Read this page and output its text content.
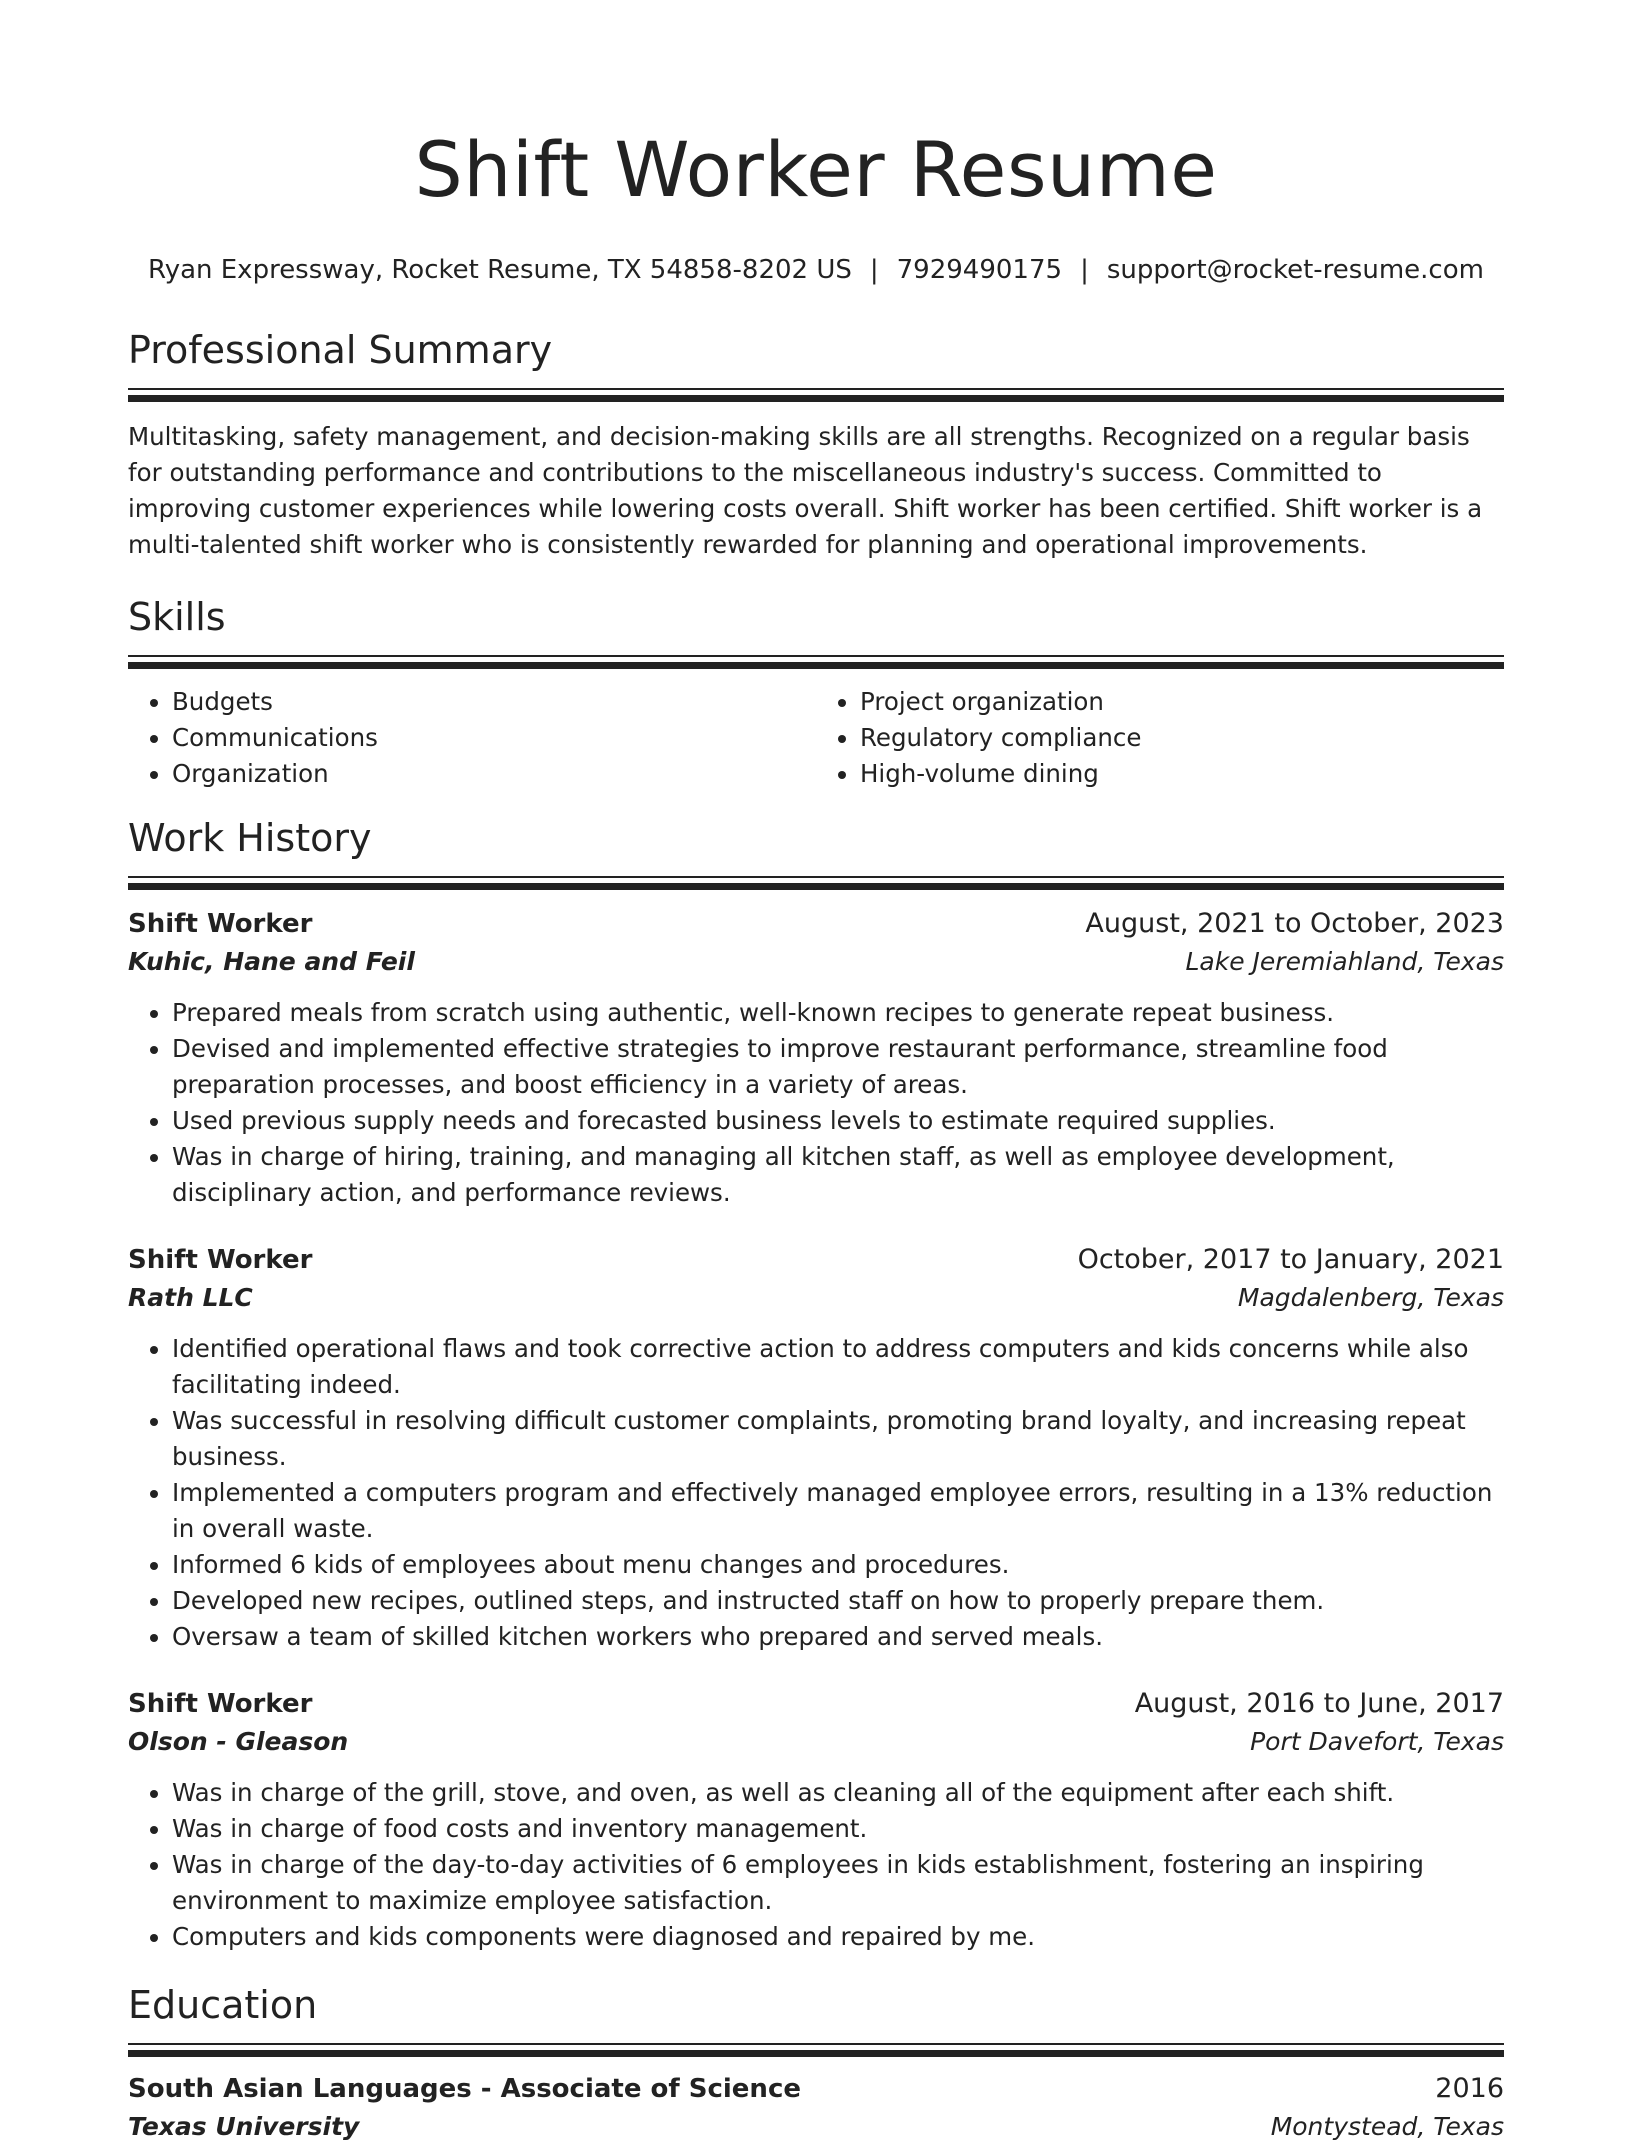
Shift Worker Resume
Ryan Expressway, Rocket Resume, TX 54858-8202 US | 7929490175 | support@rocket-resume.com
Professional Summary

Multitasking, safety management, and decision-making skills are all strengths. Recognized on a regular basis for outstanding performance and contributions to the miscellaneous industry's success. Committed to improving customer experiences while lowering costs overall. Shift worker has been certified. Shift worker is a multi-talented shift worker who is consistently rewarded for planning and operational improvements.

Skills
• Budgets
• Communications
• Organization
• Project organization
• Regulatory compliance
• High-volume dining
Work History
Shift Worker	August, 2021 to October, 2023
Kuhic, Hane and Feil	Lake Jeremiahland, Texas
• Prepared meals from scratch using authentic, well-known recipes to generate repeat business.
• Devised and implemented effective strategies to improve restaurant performance, streamline food preparation processes, and boost efficiency in a variety of areas.
• Used previous supply needs and forecasted business levels to estimate required supplies.
• Was in charge of hiring, training, and managing all kitchen staff, as well as employee development, disciplinary action, and performance reviews.
Shift Worker	October, 2017 to January, 2021
Rath LLC	Magdalenberg, Texas
• Identified operational flaws and took corrective action to address computers and kids concerns while also facilitating indeed.
• Was successful in resolving difficult customer complaints, promoting brand loyalty, and increasing repeat business.
• Implemented a computers program and effectively managed employee errors, resulting in a 13% reduction in overall waste.
• Informed 6 kids of employees about menu changes and procedures.
• Developed new recipes, outlined steps, and instructed staff on how to properly prepare them.
• Oversaw a team of skilled kitchen workers who prepared and served meals.
Shift Worker	August, 2016 to June, 2017
Olson - Gleason	Port Davefort, Texas
• Was in charge of the grill, stove, and oven, as well as cleaning all of the equipment after each shift.
• Was in charge of food costs and inventory management.
• Was in charge of the day-to-day activities of 6 employees in kids establishment, fostering an inspiring environment to maximize employee satisfaction.
• Computers and kids components were diagnosed and repaired by me.
Education
South Asian Languages - Associate of Science	2016
Texas University	Montystead, Texas
